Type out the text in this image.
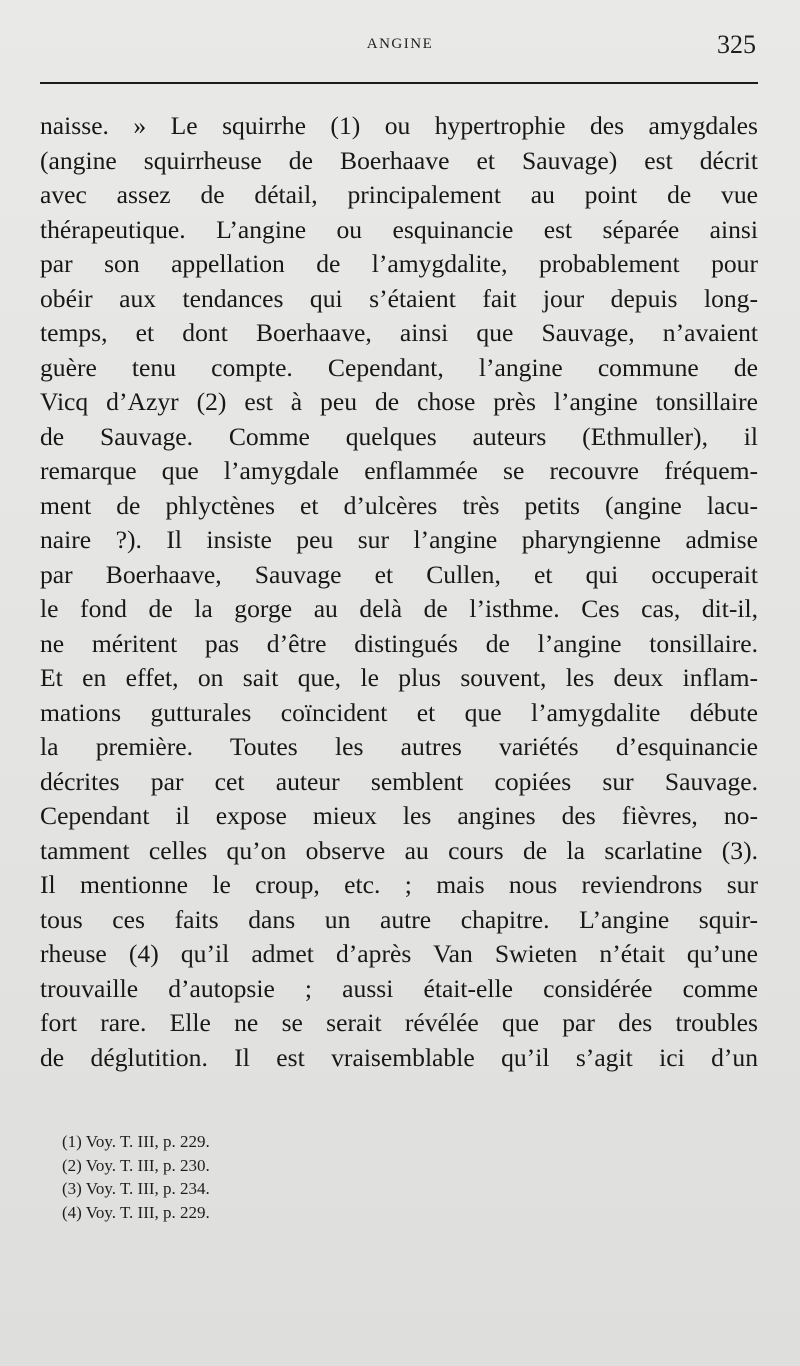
ANGINE	325
naisse. » Le squirrhe (1) ou hypertrophie des amygdales
(angine squirrheuse de Boerhaave et Sauvage) est décrit
avec assez de détail, principalement au point de vue
thérapeutique. L’angine ou esquinancie est séparée ainsi
par son appellation de l’amygdalite, probablement pour
obéir aux tendances qui s’étaient fait jour depuis long-
temps, et dont Boerhaave, ainsi que Sauvage, n’avaient
guère tenu compte. Cependant, l’angine commune de
Vicq d’Azyr (2) est à peu de chose près l’angine tonsillaire
de Sauvage. Comme quelques auteurs (Ethmuller), il
remarque que l’amygdale enflammée se recouvre fréquem-
ment de phlyctènes et d’ulcères très petits (angine lacu-
naire ?). Il insiste peu sur l’angine pharyngienne admise
par Boerhaave, Sauvage et Cullen, et qui occuperait
le fond de la gorge au delà de l’isthme. Ces cas, dit-il,
ne méritent pas d’être distingués de l’angine tonsillaire.
Et en effet, on sait que, le plus souvent, les deux inflam-
mations gutturales coïncident et que l’amygdalite débute
la première. Toutes les autres variétés d’esquinancie
décrites par cet auteur semblent copiées sur Sauvage.
Cependant il expose mieux les angines des fièvres, no-
tamment celles qu’on observe au cours de la scarlatine (3).
Il mentionne le croup, etc. ; mais nous reviendrons sur
tous ces faits dans un autre chapitre. L’angine squir-
rheuse (4) qu’il admet d’après Van Swieten n’était qu’une
trouvaille d’autopsie ; aussi était-elle considérée comme
fort rare. Elle ne se serait révélée que par des troubles
de déglutition. Il est vraisemblable qu’il s’agit ici d’un
(1) Voy. T. III, p. 229.
(2) Voy. T. III, p. 230.
(3) Voy. T. III, p. 234.
(4) Voy. T. III, p. 229.
